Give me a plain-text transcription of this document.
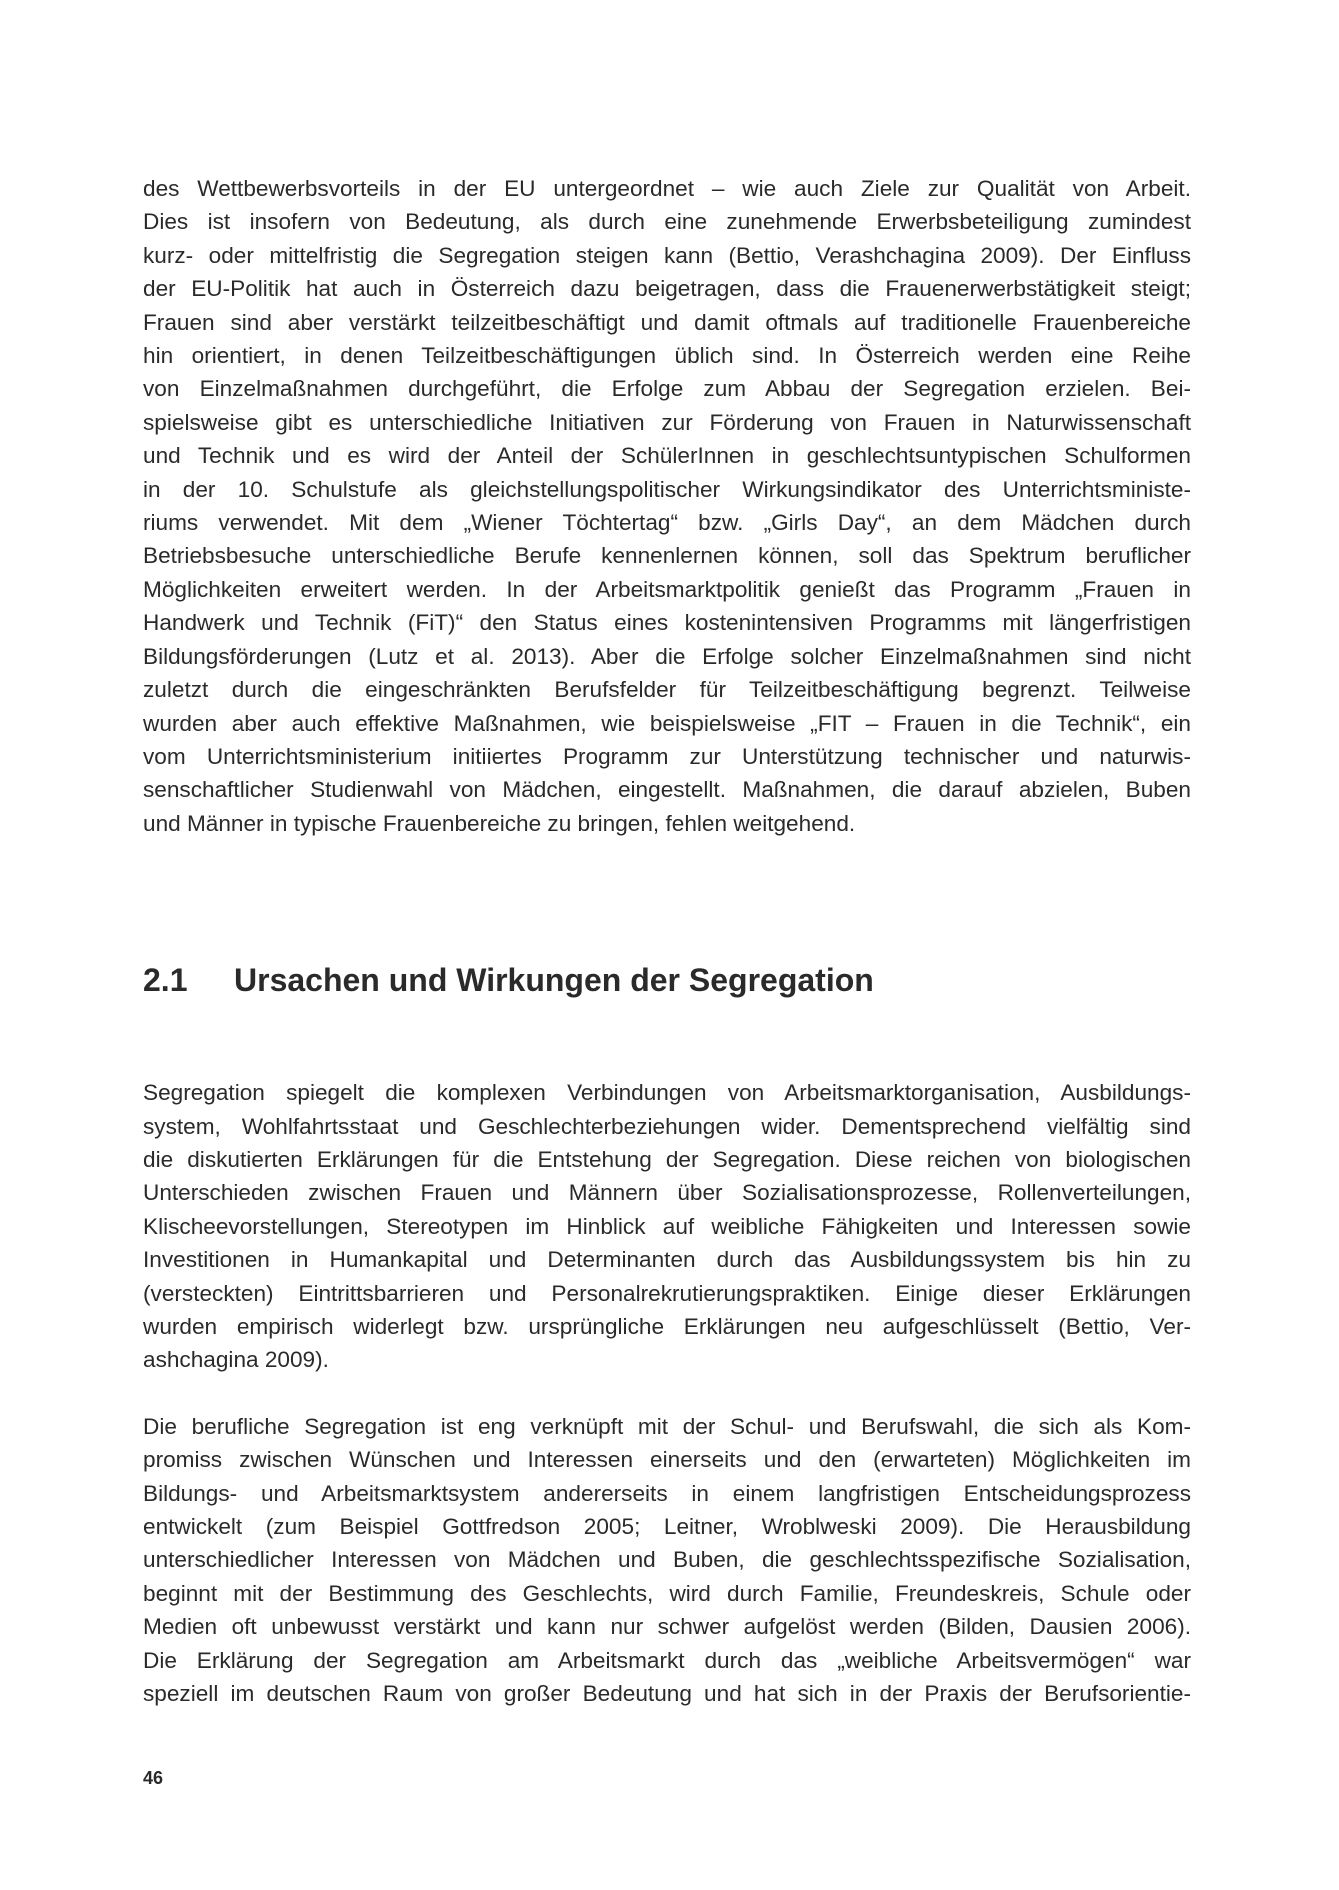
des Wettbewerbsvorteils in der EU untergeordnet – wie auch Ziele zur Qualität von Arbeit.
Dies ist insofern von Bedeutung, als durch eine zunehmende Erwerbsbeteiligung zumindest
kurz- oder mittelfristig die Segregation steigen kann (Bettio, Verashchagina 2009). Der Einfluss
der EU-Politik hat auch in Österreich dazu beigetragen, dass die Frauenerwerbstätigkeit steigt;
Frauen sind aber verstärkt teilzeitbeschäftigt und damit oftmals auf traditionelle Frauenbereiche
hin orientiert, in denen Teilzeitbeschäftigungen üblich sind. In Österreich werden eine Reihe
von Einzelmaßnahmen durchgeführt, die Erfolge zum Abbau der Segregation erzielen. Bei-
spielsweise gibt es unterschiedliche Initiativen zur Förderung von Frauen in Naturwissenschaft
und Technik und es wird der Anteil der SchülerInnen in geschlechtsuntypischen Schulformen
in der 10. Schulstufe als gleichstellungspolitischer Wirkungsindikator des Unterrichtsministe-
riums verwendet. Mit dem „Wiener Töchtertag“ bzw. „Girls Day“, an dem Mädchen durch
Betriebsbesuche unterschiedliche Berufe kennenlernen können, soll das Spektrum beruflicher
Möglichkeiten erweitert werden. In der Arbeitsmarktpolitik genießt das Programm „Frauen in
Handwerk und Technik (FiT)“ den Status eines kostenintensiven Programms mit längerfristigen
Bildungsförderungen (Lutz et al. 2013). Aber die Erfolge solcher Einzelmaßnahmen sind nicht
zuletzt durch die eingeschränkten Berufsfelder für Teilzeitbeschäftigung begrenzt. Teilweise
wurden aber auch effektive Maßnahmen, wie beispielsweise „FIT – Frauen in die Technik“, ein
vom Unterrichtsministerium initiiertes Programm zur Unterstützung technischer und naturwis-
senschaftlicher Studienwahl von Mädchen, eingestellt. Maßnahmen, die darauf abzielen, Buben
und Männer in typische Frauenbereiche zu bringen, fehlen weitgehend.
2.1	Ursachen und Wirkungen der Segregation
Segregation spiegelt die komplexen Verbindungen von Arbeitsmarktorganisation, Ausbildungs-
system, Wohlfahrtsstaat und Geschlechterbeziehungen wider. Dementsprechend vielfältig sind
die diskutierten Erklärungen für die Entstehung der Segregation. Diese reichen von biologischen
Unterschieden zwischen Frauen und Männern über Sozialisationsprozesse, Rollenverteilungen,
Klischeevorstellungen, Stereotypen im Hinblick auf weibliche Fähigkeiten und Interessen sowie
Investitionen in Humankapital und Determinanten durch das Ausbildungssystem bis hin zu
(versteckten) Eintrittsbarrieren und Personalrekrutierungspraktiken. Einige dieser Erklärungen
wurden empirisch widerlegt bzw. ursprüngliche Erklärungen neu aufgeschlüsselt (Bettio, Ver-
ashchagina 2009).
Die berufliche Segregation ist eng verknüpft mit der Schul- und Berufswahl, die sich als Kom-
promiss zwischen Wünschen und Interessen einerseits und den (erwarteten) Möglichkeiten im
Bildungs- und Arbeitsmarktsystem andererseits in einem langfristigen Entscheidungsprozess
entwickelt (zum Beispiel Gottfredson 2005; Leitner, Wroblweski 2009). Die Herausbildung
unterschiedlicher Interessen von Mädchen und Buben, die geschlechtsspezifische Sozialisation,
beginnt mit der Bestimmung des Geschlechts, wird durch Familie, Freundeskreis, Schule oder
Medien oft unbewusst verstärkt und kann nur schwer aufgelöst werden (Bilden, Dausien 2006).
Die Erklärung der Segregation am Arbeitsmarkt durch das „weibliche Arbeitsvermögen“ war
speziell im deutschen Raum von großer Bedeutung und hat sich in der Praxis der Berufsorientie-
46
